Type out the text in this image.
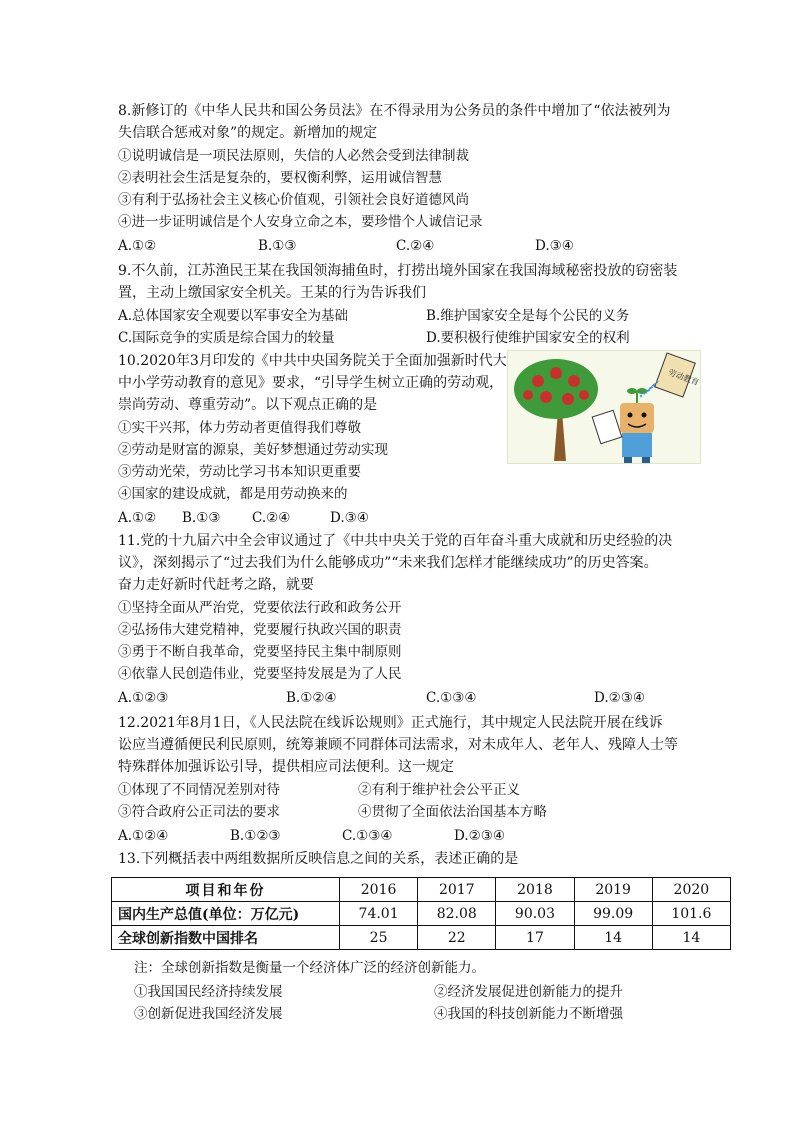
8.新修订的《中华人民共和国公务员法》在不得录用为公务员的条件中增加了“依法被列为
失信联合惩戒对象”的规定。新增加的规定
①说明诚信是一项民法原则，失信的人必然会受到法律制裁
②表明社会生活是复杂的，要权衡利弊，运用诚信智慧
③有利于弘扬社会主义核心价值观，引领社会良好道德风尚
④进一步证明诚信是个人安身立命之本，要珍惜个人诚信记录
A.①②	B.①③	C.②④	D.③④
9.不久前，江苏渔民王某在我国领海捕鱼时，打捞出境外国家在我国海域秘密投放的窃密装
置，主动上缴国家安全机关。王某的行为告诉我们
A.总体国家安全观要以军事安全为基础	B.维护国家安全是每个公民的义务
C.国际竞争的实质是综合国力的较量	D.要积极行使维护国家安全的权利
10.2020年3月印发的《中共中央国务院关于全面加强新时代大
中小学劳动教育的意见》要求，“引导学生树立正确的劳动观，
崇尚劳动、尊重劳动”。以下观点正确的是
①实干兴邦，体力劳动者更值得我们尊敬
②劳动是财富的源泉，美好梦想通过劳动实现
③劳动光荣，劳动比学习书本知识更重要
④国家的建设成就，都是用劳动换来的
A.①② B.①③ C.②④	D.③④
劳动教育
11.党的十九届六中全会审议通过了《中共中央关于党的百年奋斗重大成就和历史经验的决
议》，深刻揭示了“过去我们为什么能够成功”“未来我们怎样才能继续成功”的历史答案。
奋力走好新时代赶考之路，就要
①坚持全面从严治党，党要依法行政和政务公开
②弘扬伟大建党精神，党要履行执政兴国的职责
③勇于不断自我革命，党要坚持民主集中制原则
④依靠人民创造伟业，党要坚持发展是为了人民
A.①②③	B.①②④	C.①③④	D.②③④
12.2021年8月1日，《人民法院在线诉讼规则》正式施行，其中规定人民法院开展在线诉
讼应当遵循便民利民原则，统筹兼顾不同群体司法需求，对未成年人、老年人、残障人士等
特殊群体加强诉讼引导，提供相应司法便利。这一规定
①体现了不同情况差别对待	②有利于维护社会公平正义
③符合政府公正司法的要求	④贯彻了全面依法治国基本方略
A.①②④	B.①②③	C.①③④	D.②③④
13.下列概括表中两组数据所反映信息之间的关系，表述正确的是
项目和年份	2016	2017	2018	2019	2020
国内生产总值(单位：万亿元)	74.01	82.08	90.03	99.09	101.6
全球创新指数中国排名	25	22	17	14	14
注：全球创新指数是衡量一个经济体广泛的经济创新能力。
①我国国民经济持续发展	②经济发展促进创新能力的提升
③创新促进我国经济发展	④我国的科技创新能力不断增强
